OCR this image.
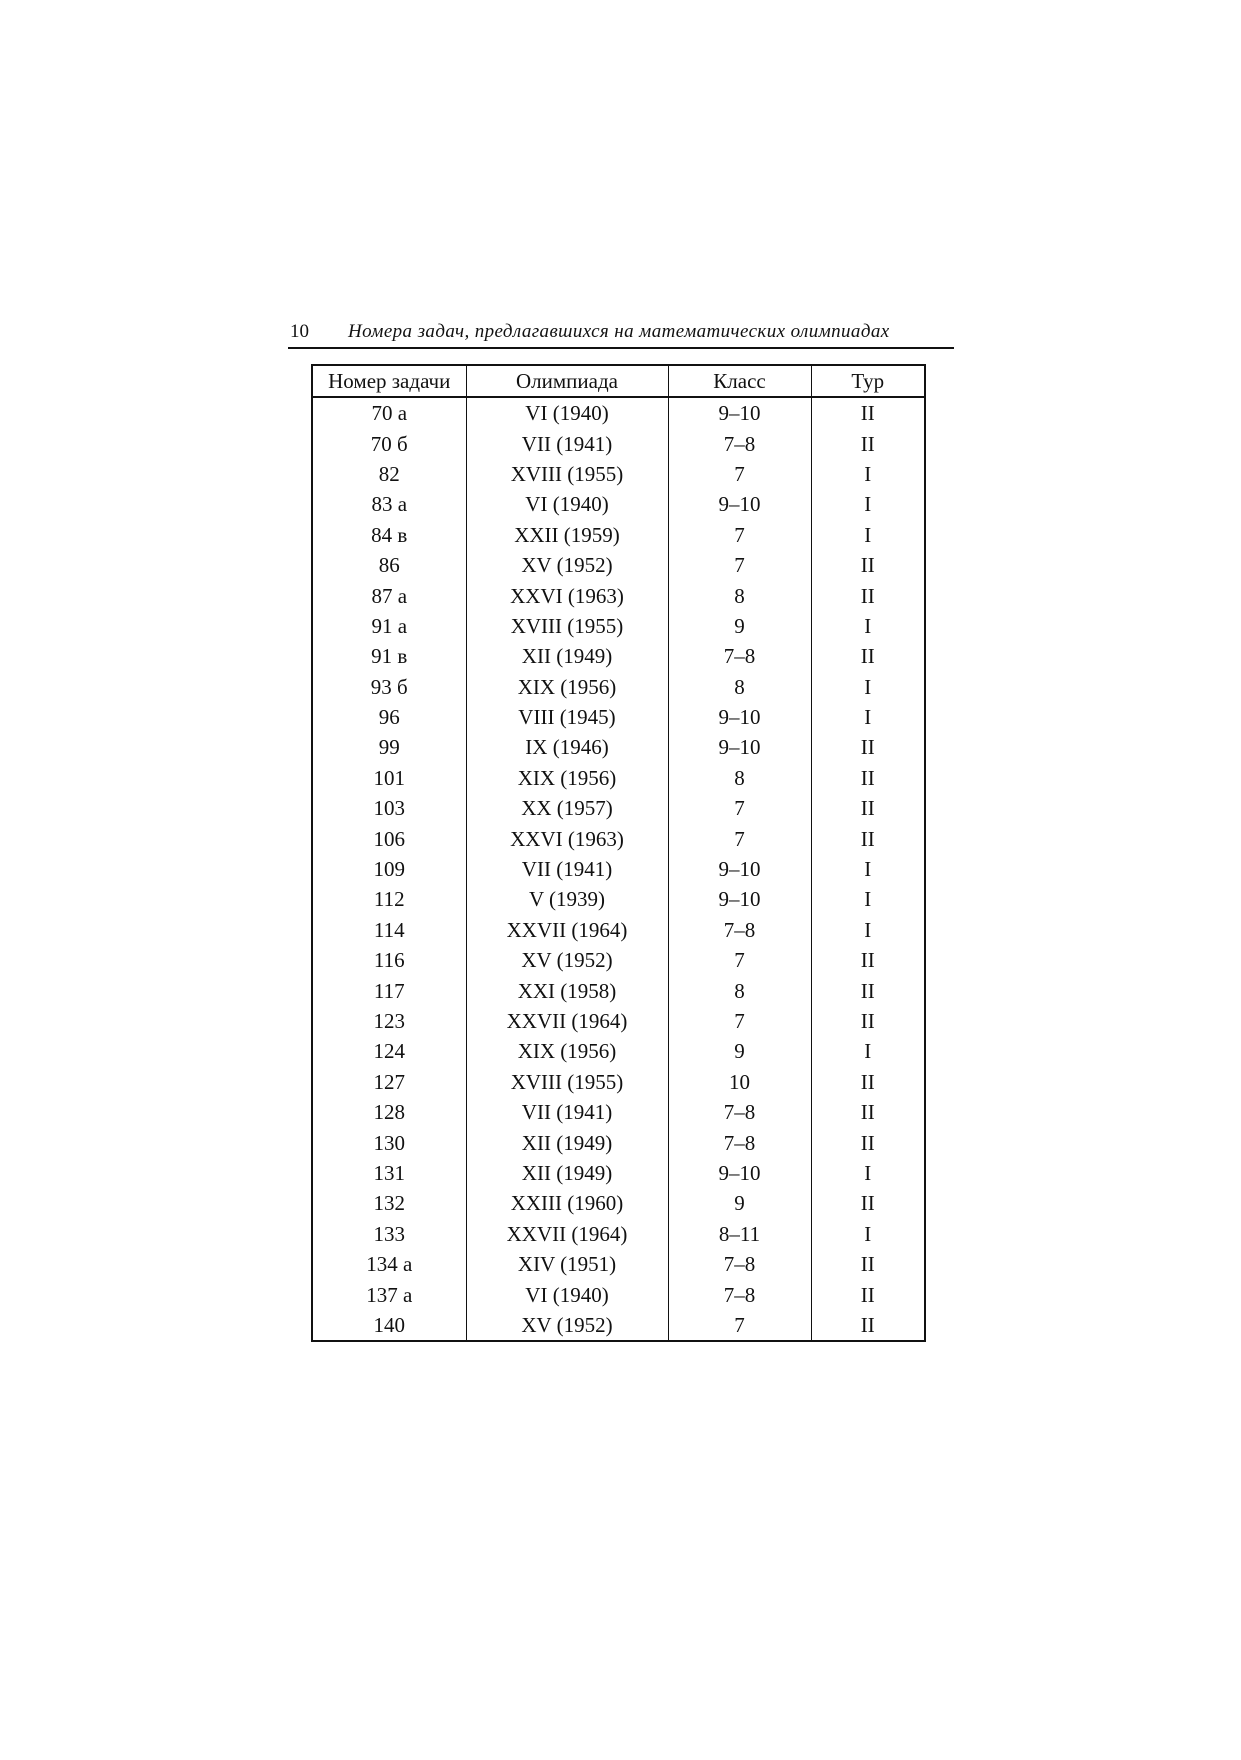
10 Номера задач, предлагавшихся на математических олимпиадах
Номер задачи	Олимпиада	Класс	Тур
70 а	VI (1940)	9–10	II
70 б	VII (1941)	7–8	II
82	XVIII (1955)	7	I
83 а	VI (1940)	9–10	I
84 в	XXII (1959)	7	I
86	XV (1952)	7	II
87 а	XXVI (1963)	8	II
91 а	XVIII (1955)	9	I
91 в	XII (1949)	7–8	II
93 б	XIX (1956)	8	I
96	VIII (1945)	9–10	I
99	IX (1946)	9–10	II
101	XIX (1956)	8	II
103	XX (1957)	7	II
106	XXVI (1963)	7	II
109	VII (1941)	9–10	I
112	V (1939)	9–10	I
114	XXVII (1964)	7–8	I
116	XV (1952)	7	II
117	XXI (1958)	8	II
123	XXVII (1964)	7	II
124	XIX (1956)	9	I
127	XVIII (1955)	10	II
128	VII (1941)	7–8	II
130	XII (1949)	7–8	II
131	XII (1949)	9–10	I
132	XXIII (1960)	9	II
133	XXVII (1964)	8–11	I
134 а	XIV (1951)	7–8	II
137 а	VI (1940)	7–8	II
140	XV (1952)	7	II
